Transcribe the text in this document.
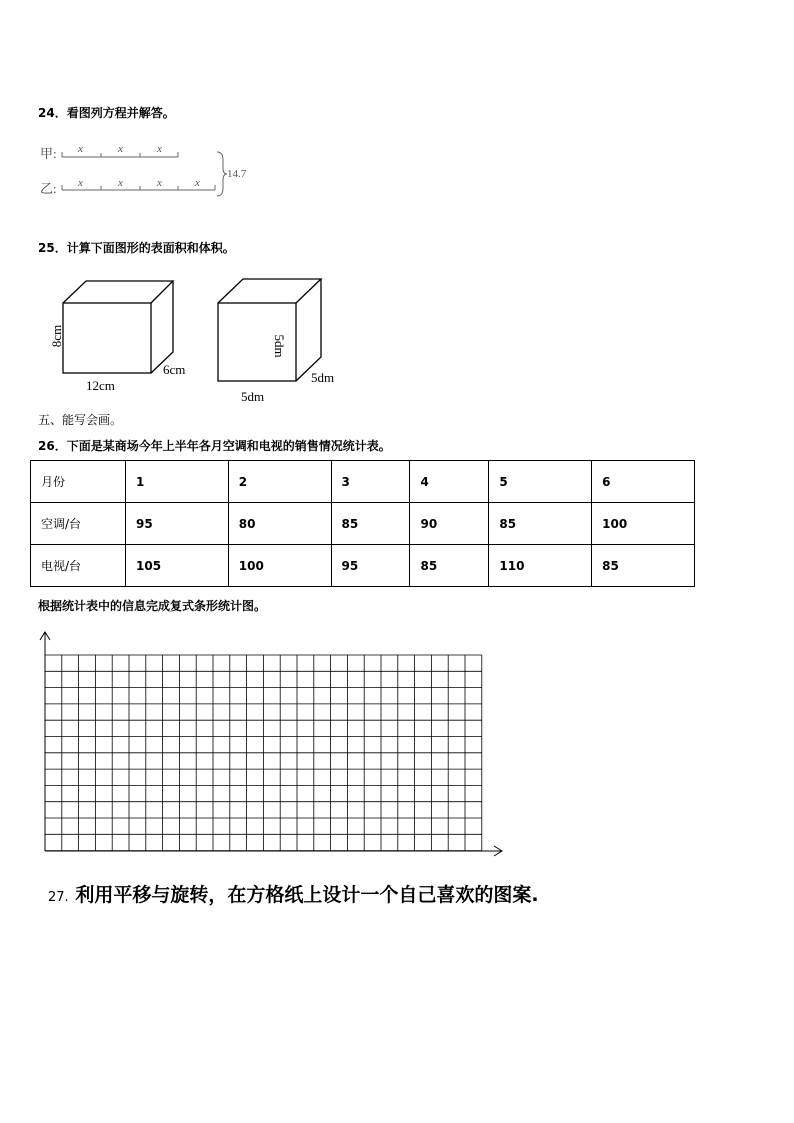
24．看图列方程并解答。
甲:
乙:
x	x	x
x	x	x	x
14.7
25．计算下面图形的表面积和体积。
8cm
12cm
6cm
5dm
5dm
5dm
五、能写会画。
26．下面是某商场今年上半年各月空调和电视的销售情况统计表。
月份	1	2	3	4	5	6
空调/台	95	80	85	90	85	100
电视/台	105	100	95	85	110	85
根据统计表中的信息完成复式条形统计图。
27. 利用平移与旋转，在方格纸上设计一个自己喜欢的图案.
